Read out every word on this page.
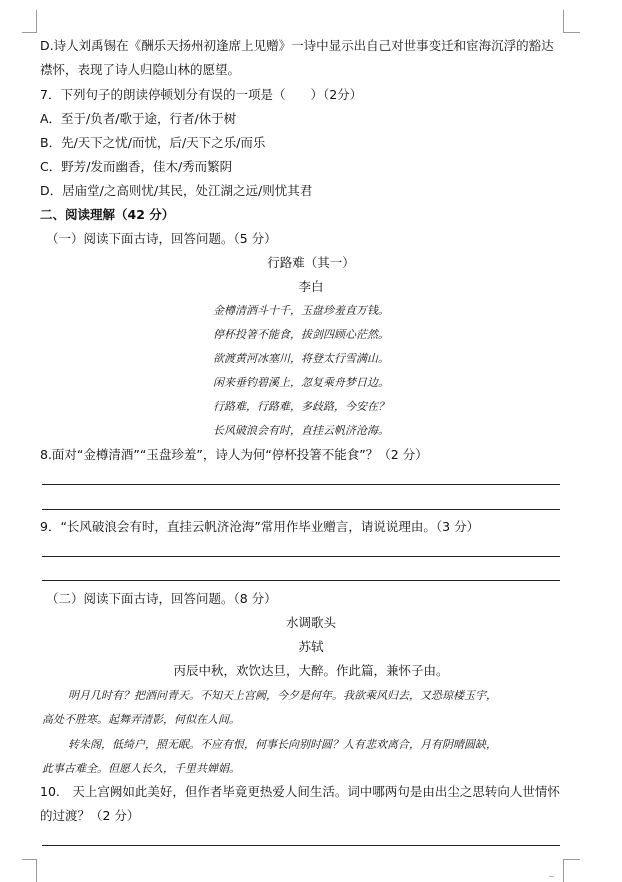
D.诗人刘禹锡在《酬乐天扬州初逢席上见赠》一诗中显示出自己对世事变迁和宦海沉浮的豁达
襟怀，表现了诗人归隐山林的愿望。
7．下列句子的朗读停顿划分有误的一项是（　　）（2分）
A．至于/负者/歌于途，行者/休于树
B．先/天下之忧/而忧，后/天下之乐/而乐
C．野芳/发而幽香，佳木/秀而繁阴
D．居庙堂/之高则忧/其民，处江湖之远/则忧其君
二、阅读理解（42 分）
（一）阅读下面古诗，回答问题。（5 分）
行路难（其一）
李白
金樽清酒斗十千，玉盘珍羞直万钱。
停杯投箸不能食，拔剑四顾心茫然。
欲渡黄河冰塞川，将登太行雪满山。
闲来垂钓碧溪上，忽复乘舟梦日边。
行路难，行路难，多歧路，今安在？
长风破浪会有时，直挂云帆济沧海。
8.面对“金樽清酒”“玉盘珍羞”，诗人为何“停杯投箸不能食”？（2 分）
9．“长风破浪会有时，直挂云帆济沧海”常用作毕业赠言，请说说理由。（3 分）
（二）阅读下面古诗，回答问题。（8 分）
水调歌头
苏轼
丙辰中秋，欢饮达旦，大醉。作此篇，兼怀子由。
明月几时有？把酒问青天。不知天上宫阙，今夕是何年。我欲乘风归去，又恐琼楼玉宇，
高处不胜寒。起舞弄清影，何似在人间。
转朱阁，低绮户，照无眠。不应有恨，何事长向别时圆？人有悲欢离合，月有阴晴圆缺，
此事古难全。但愿人长久，千里共婵娟。
10.　天上宫阙如此美好，但作者毕竟更热爱人间生活。词中哪两句是由出尘之思转向人世情怀
的过渡？（2 分）
~
